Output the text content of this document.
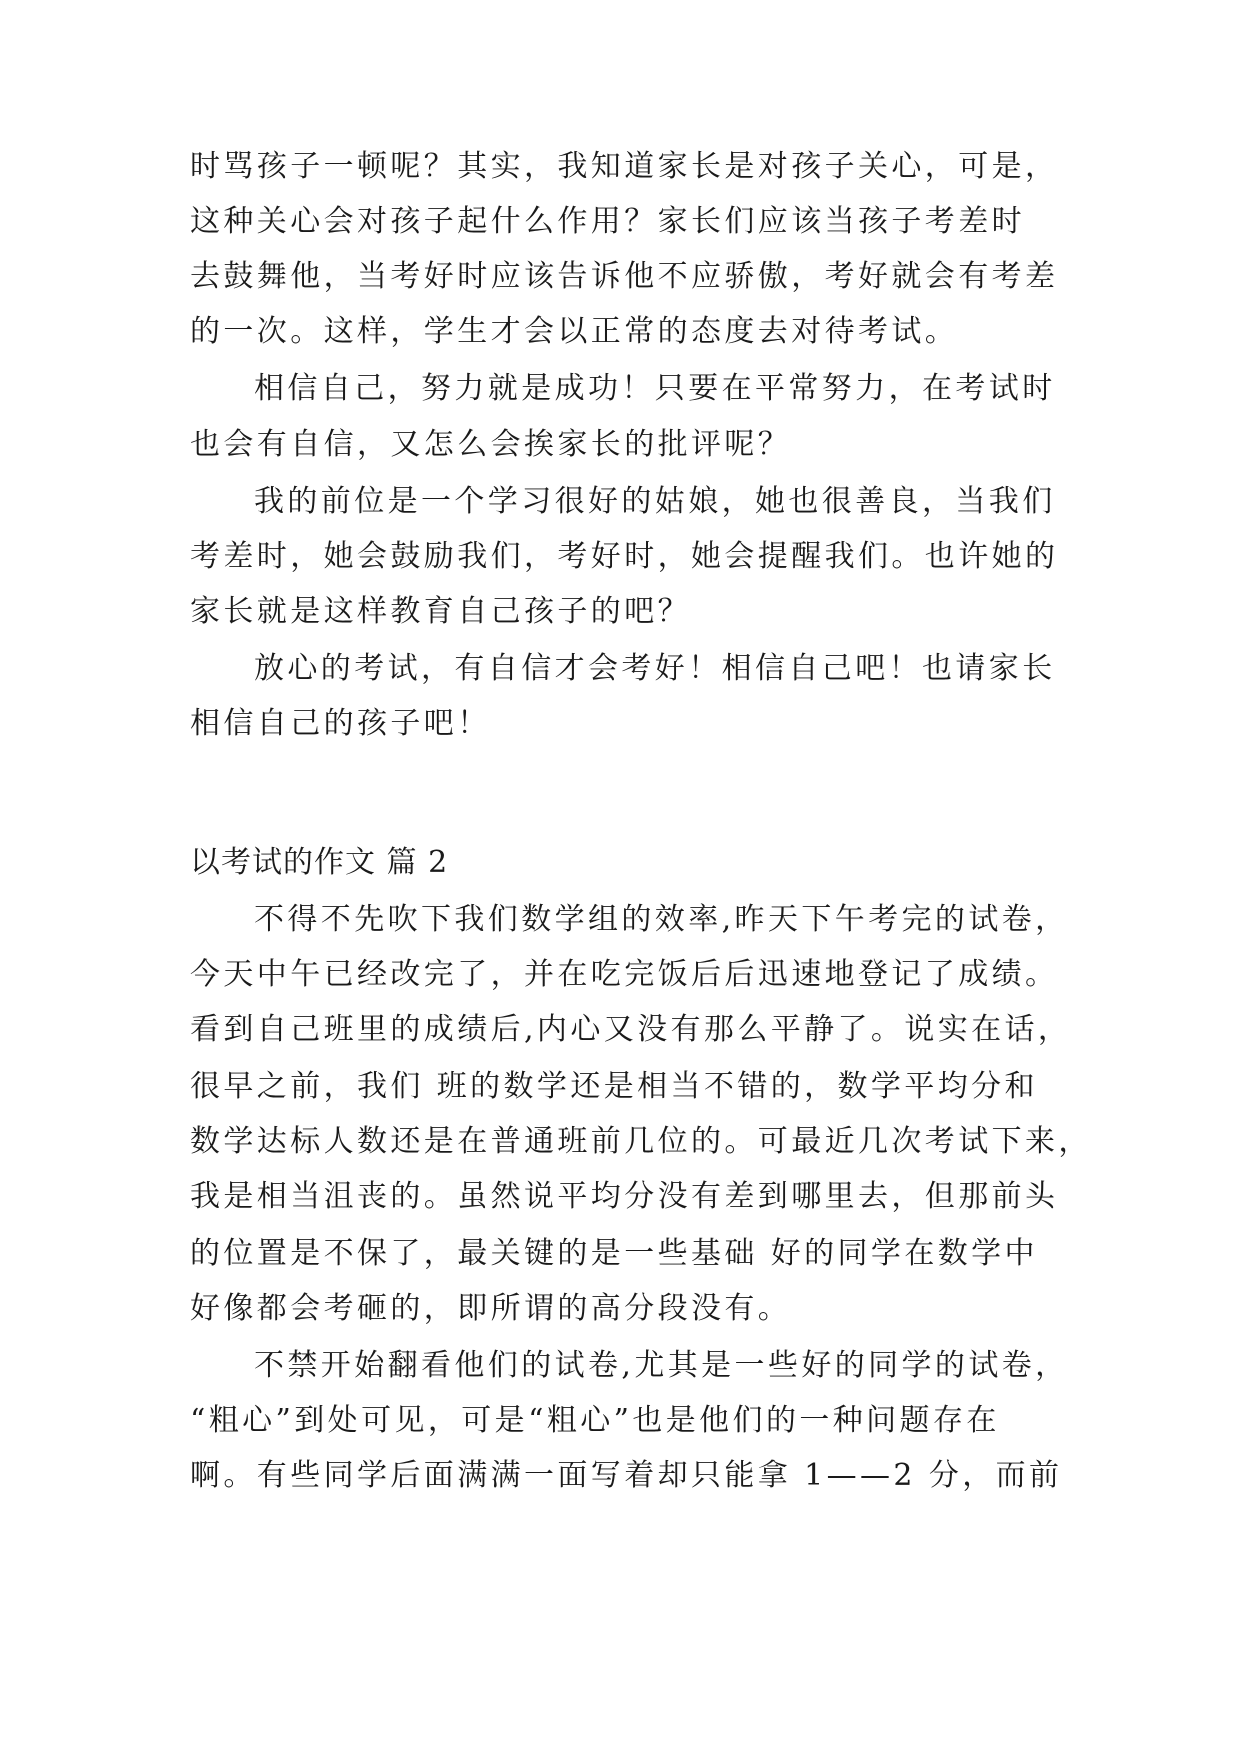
时骂孩子一顿呢？其实，我知道家长是对孩子关心，可是，
这种关心会对孩子起什么作用？家长们应该当孩子考差时
去鼓舞他，当考好时应该告诉他不应骄傲，考好就会有考差
的一次。这样，学生才会以正常的态度去对待考试。
相信自己，努力就是成功！只要在平常努力，在考试时
也会有自信，又怎么会挨家长的批评呢？
我的前位是一个学习很好的姑娘，她也很善良，当我们
考差时，她会鼓励我们，考好时，她会提醒我们。也许她的
家长就是这样教育自己孩子的吧？
放心的考试，有自信才会考好！相信自己吧！也请家长
相信自己的孩子吧！
以考试的作文 篇 2
不得不先吹下我们数学组的效率,昨天下午考完的试卷，
今天中午已经改完了，并在吃完饭后后迅速地登记了成绩。
看到自己班里的成绩后,内心又没有那么平静了。说实在话，
很早之前，我们 班的数学还是相当不错的，数学平均分和
数学达标人数还是在普通班前几位的。可最近几次考试下来，
我是相当沮丧的。虽然说平均分没有差到哪里去，但那前头
的位置是不保了，最关键的是一些基础 好的同学在数学中
好像都会考砸的，即所谓的高分段没有。
不禁开始翻看他们的试卷,尤其是一些好的同学的试卷，
“粗心”到处可见，可是“粗心”也是他们的一种问题存在
啊。有些同学后面满满一面写着却只能拿 1——2 分，而前
